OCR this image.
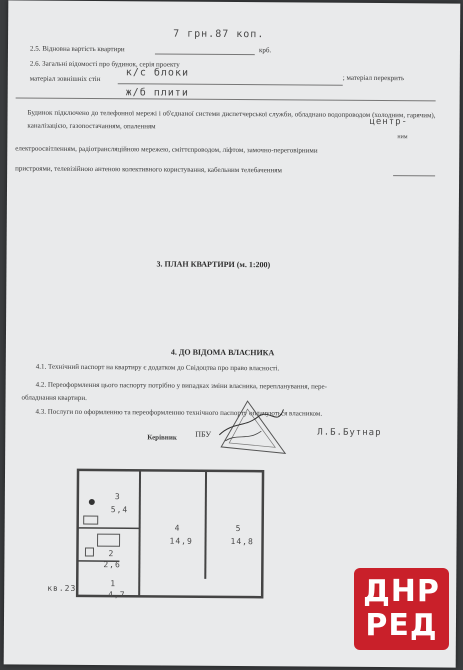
7 грн.87 коп.
2.5. Відновна вартість квартири	крб.
2.6. Загальні відомості про будинок, серія проекту
к/с блоки
матеріал зовнішніх стін	; матеріал перекрить
ж/б плити
Будинок підключено до телефонної мережі і об'єднаної системи диспетчерської служби, обладнано водопроводом (холодним, гарячим), каналізацією, газопостачанням, опаленням	центр-
ним
електроосвітленням, радіотрансляційною мережею, сміттєпроводом, ліфтом, замочно-переговірними
пристроями, телевізійною антеною колективного користування, кабельним телебаченням
3. ПЛАН КВАРТИРИ (м. 1:200)
4. ДО ВІДОМА ВЛАСНИКА
4.1. Технічний паспорт на квартиру є додатком до Свідоцтва про право власності.
4.2. Переоформлення цього паспорту потрібно у випадках зміни власника, перепланування, пере-
обладнання квартири.
4.3. Послуги по оформленню та переоформленню технічного паспорту оплачуються власником.
Керівник ПБУ	Л.Б.Бутнар
3
5,4
4
14,9
5
14,8
2
2,6
1
4,7
кв.23	ДНР
РЕД
